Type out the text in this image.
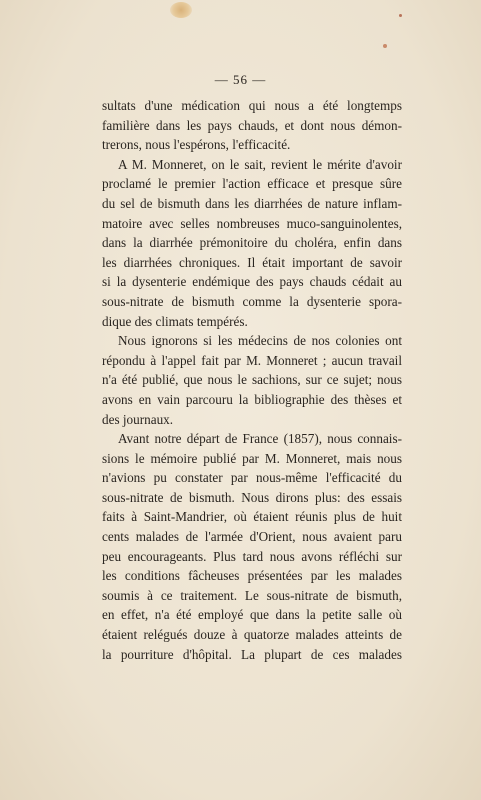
— 56 —
sultats d'une médication qui nous a été longtemps
familière dans les pays chauds, et dont nous démon-
trerons, nous l'espérons, l'efficacité.
A M. Monneret, on le sait, revient le mérite d'avoir
proclamé le premier l'action efficace et presque sûre
du sel de bismuth dans les diarrhées de nature inflam-
matoire avec selles nombreuses muco-sanguinolentes,
dans la diarrhée prémonitoire du choléra, enfin dans
les diarrhées chroniques. Il était important de savoir
si la dysenterie endémique des pays chauds cédait au
sous-nitrate de bismuth comme la dysenterie spora-
dique des climats tempérés.
Nous ignorons si les médecins de nos colonies ont
répondu à l'appel fait par M. Monneret ; aucun travail
n'a été publié, que nous le sachions, sur ce sujet; nous
avons en vain parcouru la bibliographie des thèses et
des journaux.
Avant notre départ de France (1857), nous connais-
sions le mémoire publié par M. Monneret, mais nous
n'avions pu constater par nous-même l'efficacité du
sous-nitrate de bismuth. Nous dirons plus: des essais
faits à Saint-Mandrier, où étaient réunis plus de huit
cents malades de l'armée d'Orient, nous avaient paru
peu encourageants. Plus tard nous avons réfléchi sur
les conditions fâcheuses présentées par les malades
soumis à ce traitement. Le sous-nitrate de bismuth,
en effet, n'a été employé que dans la petite salle où
étaient relégués douze à quatorze malades atteints de
la pourriture d'hôpital. La plupart de ces malades
